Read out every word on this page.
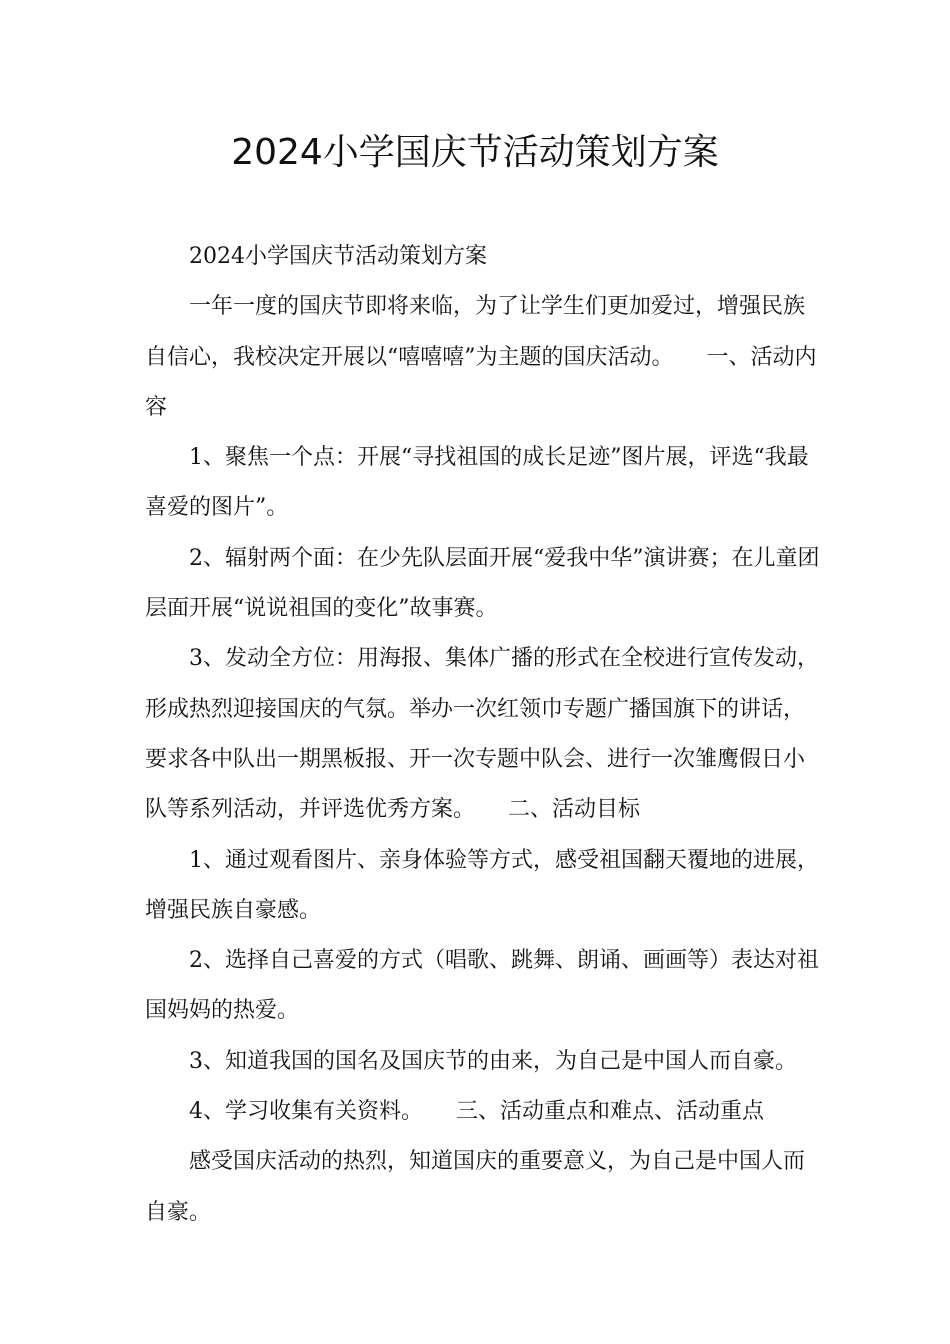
2024小学国庆节活动策划方案

2024小学国庆节活动策划方案

一年一度的国庆节即将来临，为了让学生们更加爱过，增强民族自信心，我校决定开展以“嘻嘻嘻”为主题的国庆活动。　　一、活动内容

1、聚焦一个点：开展“寻找祖国的成长足迹”图片展，评选“我最喜爱的图片”。

2、辐射两个面：在少先队层面开展“爱我中华”演讲赛；在儿童团层面开展“说说祖国的变化”故事赛。

3、发动全方位：用海报、集体广播的形式在全校进行宣传发动，形成热烈迎接国庆的气氛。举办一次红领巾专题广播国旗下的讲话，要求各中队出一期黑板报、开一次专题中队会、进行一次雏鹰假日小队等系列活动，并评选优秀方案。　　二、活动目标

1、通过观看图片、亲身体验等方式，感受祖国翻天覆地的进展，增强民族自豪感。

2、选择自己喜爱的方式（唱歌、跳舞、朗诵、画画等）表达对祖国妈妈的热爱。

3、知道我国的国名及国庆节的由来，为自己是中国人而自豪。

4、学习收集有关资料。　　三、活动重点和难点、活动重点

感受国庆活动的热烈，知道国庆的重要意义，为自己是中国人而自豪。
